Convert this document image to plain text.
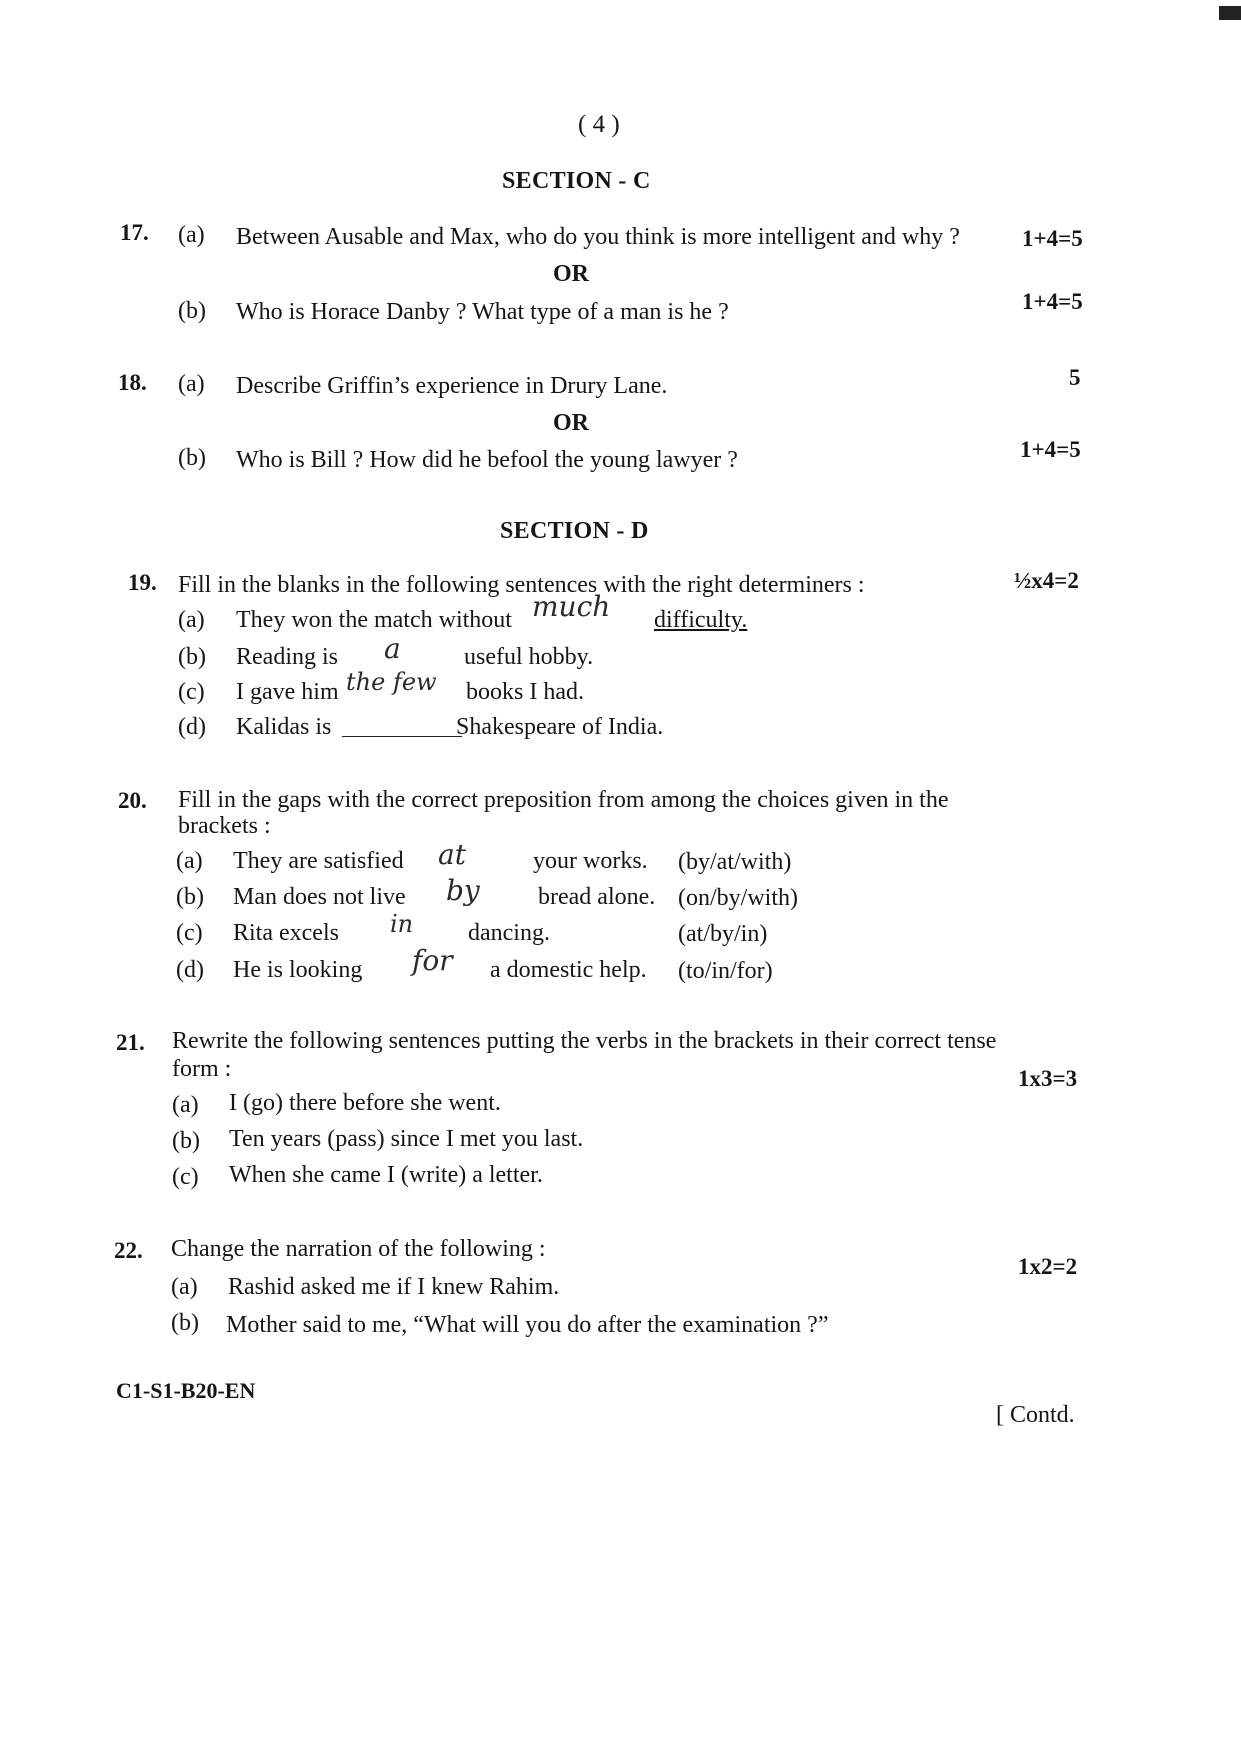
( 4 )
SECTION - C
17. (a) Between Ausable and Max, who do you think is more intelligent and why ?	1+4=5
OR
(b) Who is Horace Danby ? What type of a man is he ?	1+4=5
18. (a) Describe Griffin’s experience in Drury Lane.	5
OR
(b) Who is Bill ? How did he befool the young lawyer ?	1+4=5
SECTION - D
19. Fill in the blanks in the following sentences with the right determiners :	½x4=2
(a) They won the match without much difficulty.
(b) Reading is a	useful hobby.
(c) I gave him the few books I had.
(d) Kalidas is	Shakespeare of India.
20. Fill in the gaps with the correct preposition from among the choices given in the
brackets :
(a) They are satisfied at	your works. (by/at/with)
(b) Man does not live by bread alone. (on/by/with)
(c) Rita excels in dancing.	(at/by/in)
(d) He is looking for a domestic help. (to/in/for)
21. Rewrite the following sentences putting the verbs in the brackets in their correct tense
form :	1x3=3
(a) I (go) there before she went.
(b) Ten years (pass) since I met you last.
(c) When she came I (write) a letter.
22. Change the narration of the following :
1x2=2
(a) Rashid asked me if I knew Rahim.
(b) Mother said to me, “What will you do after the examination ?”
C1-S1-B20-EN
[ Contd.
